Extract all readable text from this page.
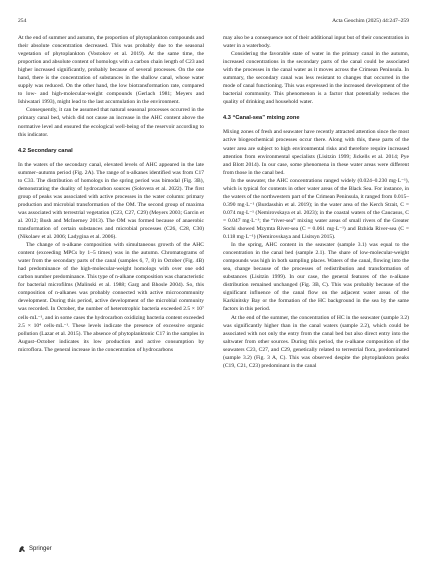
254	Acta Geochim (2025) 44:247–259

At the end of summer and autumn, the proportion of phytoplankton compounds and their absolute concentration decreased. This was probably due to the seasonal vegetation of phytoplankton (Vostokov et al. 2019). At the same time, the proportion and absolute content of homologs with a carbon chain length of C23 and higher increased significantly, probably because of several processes. On the one hand, there is the concentration of substances in the shallow canal, whose water supply was reduced. On the other hand, the low biotransformation rate, compared to low- and high-molecular-weight compounds (Gerlach 1981; Meyers and Ishiwatari 1993), might lead to the last accumulation in the environment.

Consequently, it can be assumed that natural seasonal processes occurred in the primary canal bed, which did not cause an increase in the AHC content above the normative level and ensured the ecological well-being of the reservoir according to this indicator.

4.2 Secondary canal

In the waters of the secondary canal, elevated levels of AHC appeared in the late summer–autumn period (Fig. 2A). The range of n-alkanes identified was from C17 to C33. The distribution of homologs in the spring period was bimodal (Fig. 3B), demonstrating the duality of hydrocarbon sources (Solovera et al. 2022). The first group of peaks was associated with active processes in the water column: primary production and microbial transformation of the OM. The second group of maxima was associated with terrestrial vegetation (C23, C27, C29) (Meyers 2003; Garcin et al. 2012; Bush and McInerney 2013). The OM was formed because of anaerobic transformation of certain substances and microbial processes (C26, C28, C30) (Nikolaev et al. 2006; Ladygina et al. 2006).

The change of n-alkane composition with simultaneous growth of the AHC content (exceeding MPCs by 1–5 times) was in the autumn. Chromatograms of water from the secondary parts of the canal (samples 6, 7, 8) in October (Fig. 4B) had predominance of the high-molecular-weight homologs with over one odd carbon number predominance. This type of n-alkane composition was characteristic for bacterial microfilms (Malinski et al. 1988; Garg and Bhosle 2004). So, this composition of n-alkanes was probably connected with active microcommunity development. During this period, active development of the microbial community was recorded. In October, the number of heterotrophic bacteria exceeded 2.5 × 10⁷ cells·mL⁻¹, and in some cases the hydrocarbon oxidizing bacteria content exceeded 2.5 × 10⁴ cells·mL⁻¹. These levels indicate the presence of excessive organic pollution (Lazar et al. 2015). The absence of phytoplanktonic C17 in the samples in August–October indicates its low production and active consumption by microflora. The general increase in the concentration of hydrocarbons

may also be a consequence not of their additional input but of their concentration in water in a waterbody.

Considering the favorable state of water in the primary canal in the autumn, increased concentrations in the secondary parts of the canal could be associated with the processes in the canal water as it moves across the Crimean Peninsula. In summary, the secondary canal was less resistant to changes that occurred in the mode of canal functioning. This was expressed in the increased development of the bacterial community. This phenomenon is a factor that potentially reduces the quality of drinking and household water.

4.3 “Canal-sea” mixing zone

Mixing zones of fresh and seawater have recently attracted attention since the most active biogeochemical processes occur there. Along with this, these parts of the water area are subject to high environmental risks and therefore require increased attention from environmental specialists (Lisitzin 1999; Jickells et al. 2014; Pye and Blott 2014). In our case, some phenomena in these water areas were different from those in the canal bed.

In the seawater, the AHC concentrations ranged widely (0.024–0.230 mg·L⁻¹), which is typical for contents in other water areas of the Black Sea. For instance, in the waters of the northwestern part of the Crimean Peninsula, it ranged from 0.015–0.390 mg·L⁻¹ (Burdasshin et al. 2019); in the water area of the Kerch Strait, C = 0.074 mg·L⁻¹ (Nemirovskaya et al. 2023); in the coastal waters of the Caucasus, C = 0.047 mg·L⁻¹; the “river-sea” mixing water areas of small rivers of the Greater Sochi showed Mzymta River-sea (C = 0.061 mg·L⁻¹) and Bzhida River-sea (C = 0.118 mg·L⁻¹) (Nemirovskaya and Lisitsyn 2015).

In the spring, AHC content in the seawater (sample 3.1) was equal to the concentration in the canal bed (sample 2.1). The share of low-molecular-weight compounds was high in both sampling places. Waters of the canal, flowing into the sea, change because of the processes of redistribution and transformation of substances (Lisitzin 1999). In our case, the general features of the n-alkane distribution remained unchanged (Fig. 3B, C). This was probably because of the significant influence of the canal flow on the adjacent water areas of the Karkinitsky Bay or the formation of the HC background in the sea by the same factors in this period.

At the end of the summer, the concentration of HC in the seawater (sample 3.2) was significantly higher than in the canal waters (sample 2.2), which could be associated with not only the entry from the canal bed but also direct entry into the saltwater from other sources. During this period, the n-alkane composition of the seawaters C23, C27, and C29, genetically related to terrestrial flora, predominated (sample 3.2) (Fig. 3 A, C). This was observed despite the phytoplankton peaks (C19, C21, C23) predominant in the canal

Springer
